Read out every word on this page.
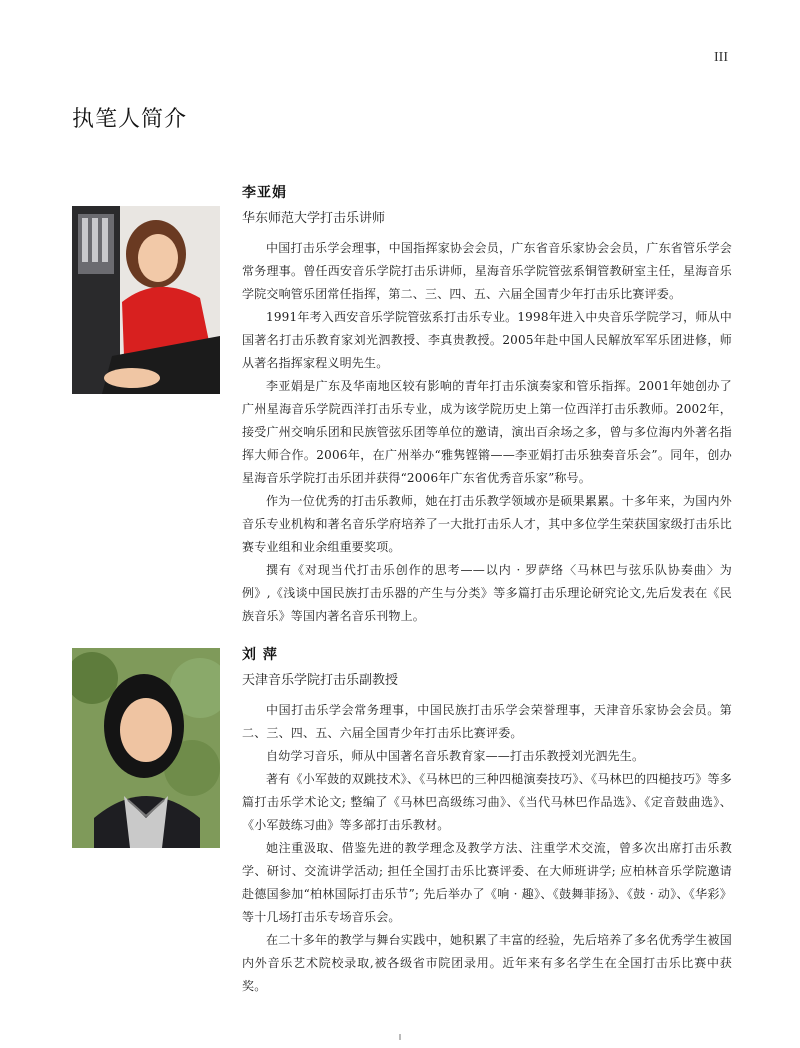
III
执笔人简介
李亚娟

华东师范大学打击乐讲师

中国打击乐学会理事，中国指挥家协会会员，广东省音乐家协会会员，广东省管乐学会常务理事。曾任西安音乐学院打击乐讲师，星海音乐学院管弦系铜管教研室主任，星海音乐学院交响管乐团常任指挥，第二、三、四、五、六届全国青少年打击乐比赛评委。

1991年考入西安音乐学院管弦系打击乐专业。1998年进入中央音乐学院学习，师从中国著名打击乐教育家刘光泗教授、李真贵教授。2005年赴中国人民解放军军乐团进修，师从著名指挥家程义明先生。

李亚娟是广东及华南地区较有影响的青年打击乐演奏家和管乐指挥。2001年她创办了广州星海音乐学院西洋打击乐专业，成为该学院历史上第一位西洋打击乐教师。2002年，接受广州交响乐团和民族管弦乐团等单位的邀请，演出百余场之多，曾与多位海内外著名指挥大师合作。2006年，在广州举办“雅隽铿锵——李亚娟打击乐独奏音乐会”。同年，创办星海音乐学院打击乐团并获得“2006年广东省优秀音乐家”称号。

作为一位优秀的打击乐教师，她在打击乐教学领域亦是硕果累累。十多年来，为国内外音乐专业机构和著名音乐学府培养了一大批打击乐人才，其中多位学生荣获国家级打击乐比赛专业组和业余组重要奖项。

撰有《对现当代打击乐创作的思考——以内 · 罗萨络〈马林巴与弦乐队协奏曲〉为例》,《浅谈中国民族打击乐器的产生与分类》等多篇打击乐理论研究论文,先后发表在《民族音乐》等国内著名音乐刊物上。

刘 萍

天津音乐学院打击乐副教授

中国打击乐学会常务理事，中国民族打击乐学会荣誉理事，天津音乐家协会会员。第二、三、四、五、六届全国青少年打击乐比赛评委。

自幼学习音乐，师从中国著名音乐教育家——打击乐教授刘光泗先生。

著有《小军鼓的双跳技术》、《马林巴的三种四槌演奏技巧》、《马林巴的四槌技巧》等多篇打击乐学术论文; 整编了《马林巴高级练习曲》、《当代马林巴作品选》、《定音鼓曲选》、《小军鼓练习曲》等多部打击乐教材。

她注重汲取、借鉴先进的教学理念及教学方法、注重学术交流，曾多次出席打击乐教学、研讨、交流讲学活动; 担任全国打击乐比赛评委、在大师班讲学; 应柏林音乐学院邀请赴德国参加“柏林国际打击乐节”; 先后举办了《响 · 趣》、《鼓舞菲扬》、《鼓 · 动》、《华彩》等十几场打击乐专场音乐会。

在二十多年的教学与舞台实践中，她积累了丰富的经验，先后培养了多名优秀学生被国内外音乐艺术院校录取,被各级省市院团录用。近年来有多名学生在全国打击乐比赛中获奖。
